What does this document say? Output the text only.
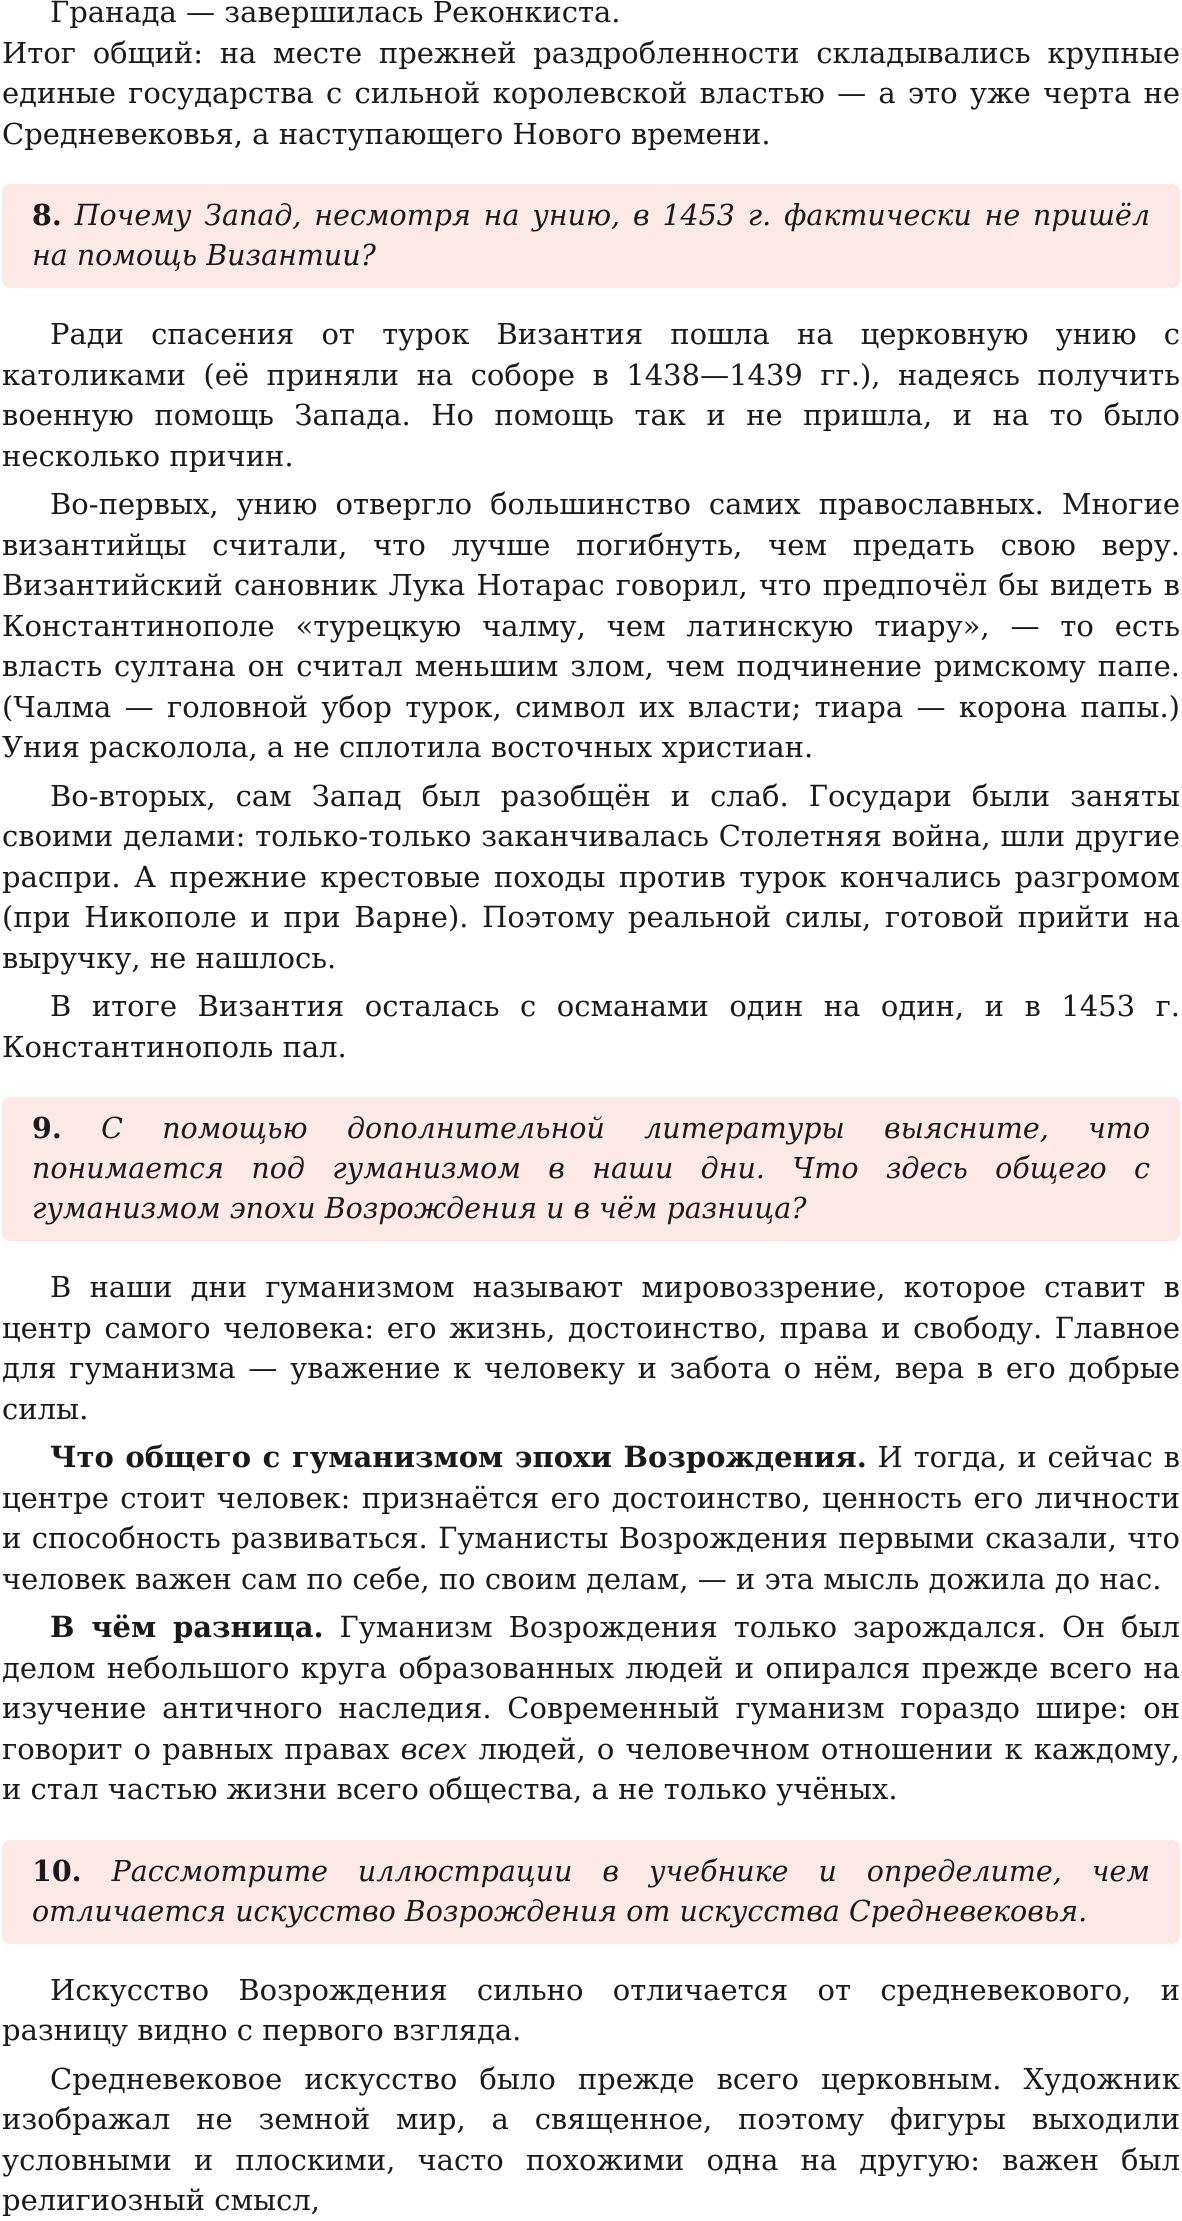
Гранада — завершилась Реконкиста.

Итог общий: на месте прежней раздробленности складывались крупные единые государства с сильной королевской властью — а это уже черта не Средневековья, а наступающего Нового времени.

8. Почему Запад, несмотря на унию, в 1453 г. фактически не пришёл на помощь Византии?

Ради спасения от турок Византия пошла на церковную унию с католиками (её приняли на соборе в 1438—1439 гг.), надеясь получить военную помощь Запада. Но помощь так и не пришла, и на то было несколько причин.

Во-первых, унию отвергло большинство самих православных. Многие византийцы считали, что лучше погибнуть, чем предать свою веру. Византийский сановник Лука Нотарас говорил, что предпочёл бы видеть в Константинополе «турецкую чалму, чем латинскую тиару», — то есть власть султана он считал меньшим злом, чем подчинение римскому папе. (Чалма — головной убор турок, символ их власти; тиара — корона папы.) Уния расколола, а не сплотила восточных христиан.

Во-вторых, сам Запад был разобщён и слаб. Государи были заняты своими делами: только-только заканчивалась Столетняя война, шли другие распри. А прежние крестовые походы против турок кончались разгромом (при Никополе и при Варне). Поэтому реальной силы, готовой прийти на выручку, не нашлось.

В итоге Византия осталась с османами один на один, и в 1453 г. Константинополь пал.

9. С помощью дополнительной литературы выясните, что понимается под гуманизмом в наши дни. Что здесь общего с гуманизмом эпохи Возрождения и в чём разница?

В наши дни гуманизмом называют мировоззрение, которое ставит в центр самого человека: его жизнь, достоинство, права и свободу. Главное для гуманизма — уважение к человеку и забота о нём, вера в его добрые силы.

Что общего с гуманизмом эпохи Возрождения. И тогда, и сейчас в центре стоит человек: признаётся его достоинство, ценность его личности и способность развиваться. Гуманисты Возрождения первыми сказали, что человек важен сам по себе, по своим делам, — и эта мысль дожила до нас.

В чём разница. Гуманизм Возрождения только зарождался. Он был делом небольшого круга образованных людей и опирался прежде всего на изучение античного наследия. Современный гуманизм гораздо шире: он говорит о равных правах всех людей, о человечном отношении к каждому, и стал частью жизни всего общества, а не только учёных.

10. Рассмотрите иллюстрации в учебнике и определите, чем отличается искусство Возрождения от искусства Средневековья.

Искусство Возрождения сильно отличается от средневекового, и разницу видно с первого взгляда.

Средневековое искусство было прежде всего церковным. Художник изображал не земной мир, а священное, поэтому фигуры выходили условными и плоскими, часто похожими одна на другую: важен был религиозный смысл,
